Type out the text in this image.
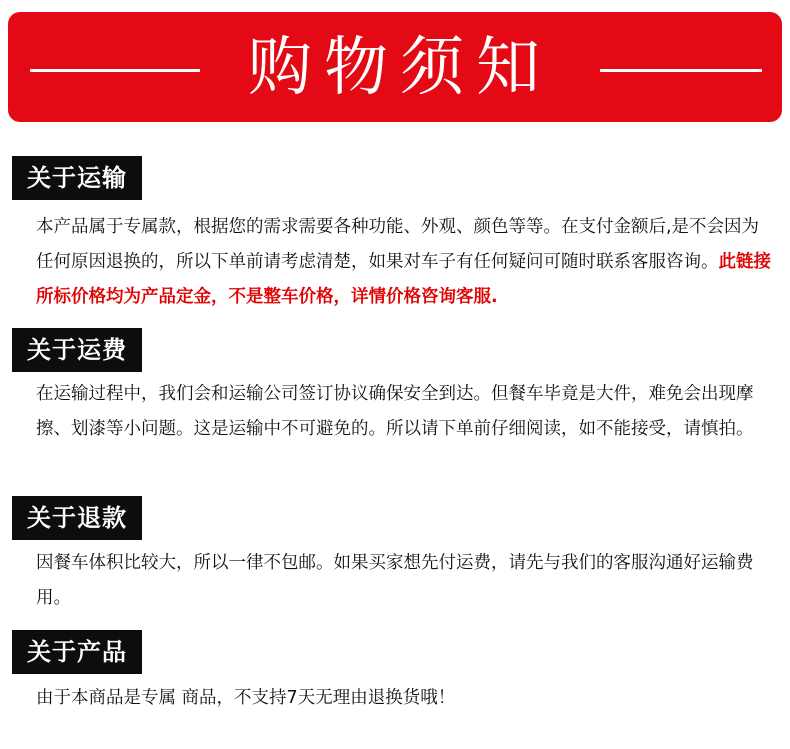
购物须知
关于运输

本产品属于专属款，根据您的需求需要各种功能、外观、颜色等等。在支付金额后,是不会因为任何原因退换的，所以下单前请考虑清楚，如果对车子有任何疑问可随时联系客服咨询。此链接所标价格均为产品定金，不是整车价格，详情价格咨询客服.

关于运费

在运输过程中，我们会和运输公司签订协议确保安全到达。但餐车毕竟是大件，难免会出现摩擦、划漆等小问题。这是运输中不可避免的。所以请下单前仔细阅读，如不能接受，请慎拍。

关于退款

因餐车体积比较大，所以一律不包邮。如果买家想先付运费，请先与我们的客服沟通好运输费用。

关于产品

由于本商品是专属 商品，不支持7天无理由退换货哦！
